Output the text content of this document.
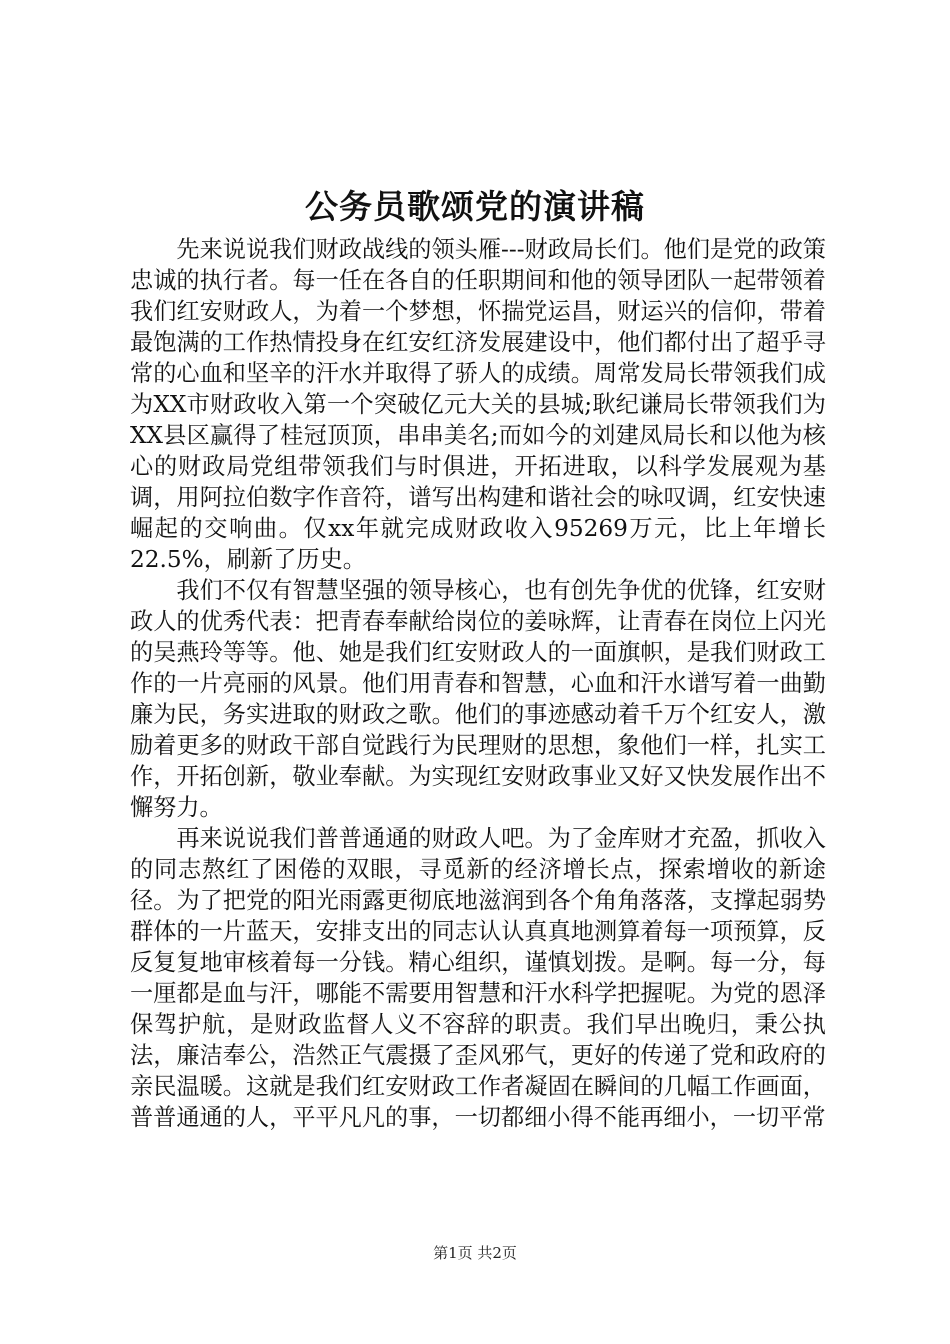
公务员歌颂党的演讲稿

先来说说我们财政战线的领头雁---财政局长们。他们是党的政策忠诚的执行者。每一任在各自的任职期间和他的领导团队一起带领着我们红安财政人，为着一个梦想，怀揣党运昌，财运兴的信仰，带着最饱满的工作热情投身在红安红济发展建设中，他们都付出了超乎寻常的心血和坚辛的汗水并取得了骄人的成绩。周常发局长带领我们成为XX市财政收入第一个突破亿元大关的县城;耿纪谦局长带领我们为XX县区赢得了桂冠顶顶，串串美名;而如今的刘建凤局长和以他为核心的财政局党组带领我们与时俱进，开拓进取，以科学发展观为基调，用阿拉伯数字作音符，谱写出构建和谐社会的咏叹调，红安快速崛起的交响曲。仅xx年就完成财政收入95269万元，比上年增长22.5%，刷新了历史。

我们不仅有智慧坚强的领导核心，也有创先争优的优锋，红安财政人的优秀代表：把青春奉献给岗位的姜咏辉，让青春在岗位上闪光的吴燕玲等等。他、她是我们红安财政人的一面旗帜，是我们财政工作的一片亮丽的风景。他们用青春和智慧，心血和汗水谱写着一曲勤廉为民，务实进取的财政之歌。他们的事迹感动着千万个红安人，激励着更多的财政干部自觉践行为民理财的思想，象他们一样，扎实工作，开拓创新，敬业奉献。为实现红安财政事业又好又快发展作出不懈努力。

再来说说我们普普通通的财政人吧。为了金库财才充盈，抓收入的同志熬红了困倦的双眼，寻觅新的经济增长点，探索增收的新途径。为了把党的阳光雨露更彻底地滋润到各个角角落落，支撑起弱势群体的一片蓝天，安排支出的同志认认真真地测算着每一项预算，反反复复地审核着每一分钱。精心组织，谨慎划拨。是啊。每一分，每一厘都是血与汗，哪能不需要用智慧和汗水科学把握呢。为党的恩泽保驾护航，是财政监督人义不容辞的职责。我们早出晚归，秉公执法，廉洁奉公，浩然正气震摄了歪风邪气，更好的传递了党和政府的亲民温暖。这就是我们红安财政工作者凝固在瞬间的几幅工作画面，普普通通的人，平平凡凡的事，一切都细小得不能再细小，一切平常

第1页 共2页
